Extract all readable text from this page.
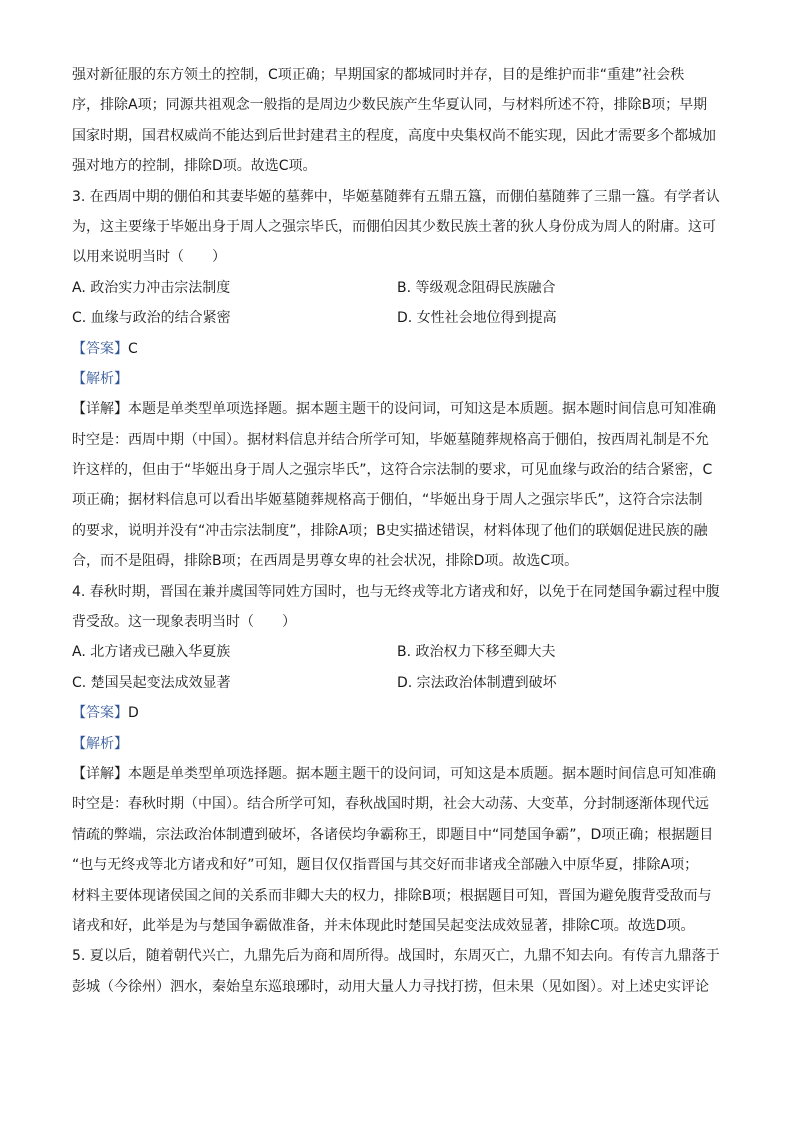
强对新征服的东方领土的控制，C项正确；早期国家的都城同时并存，目的是维护而非“重建”社会秩
序，排除A项；同源共祖观念一般指的是周边少数民族产生华夏认同，与材料所述不符，排除B项；早期
国家时期，国君权威尚不能达到后世封建君主的程度，高度中央集权尚不能实现，因此才需要多个都城加
强对地方的控制，排除D项。故选C项。
3. 在西周中期的倗伯和其妻毕姬的墓葬中，毕姬墓随葬有五鼎五簋，而倗伯墓随葬了三鼎一簋。有学者认
为，这主要缘于毕姬出身于周人之强宗毕氏，而倗伯因其少数民族土著的狄人身份成为周人的附庸。这可
以用来说明当时（　　）
A. 政治实力冲击宗法制度	B. 等级观念阻碍民族融合
C. 血缘与政治的结合紧密	D. 女性社会地位得到提高
【答案】C
【解析】
【详解】本题是单类型单项选择题。据本题主题干的设问词，可知这是本质题。据本题时间信息可知准确
时空是：西周中期（中国）。据材料信息并结合所学可知，毕姬墓随葬规格高于倗伯，按西周礼制是不允
许这样的，但由于“毕姬出身于周人之强宗毕氏”，这符合宗法制的要求，可见血缘与政治的结合紧密，C
项正确；据材料信息可以看出毕姬墓随葬规格高于倗伯，“毕姬出身于周人之强宗毕氏”，这符合宗法制
的要求，说明并没有“冲击宗法制度”，排除A项；B史实描述错误，材料体现了他们的联姻促进民族的融
合，而不是阻碍，排除B项；在西周是男尊女卑的社会状况，排除D项。故选C项。
4. 春秋时期，晋国在兼并虞国等同姓方国时，也与无终戎等北方诸戎和好，以免于在同楚国争霸过程中腹
背受敌。这一现象表明当时（　　）
A. 北方诸戎已融入华夏族	B. 政治权力下移至卿大夫
C. 楚国吴起变法成效显著	D. 宗法政治体制遭到破坏
【答案】D
【解析】
【详解】本题是单类型单项选择题。据本题主题干的设问词，可知这是本质题。据本题时间信息可知准确
时空是：春秋时期（中国）。结合所学可知，春秋战国时期，社会大动荡、大变革，分封制逐渐体现代远
情疏的弊端，宗法政治体制遭到破坏，各诸侯均争霸称王，即题目中“同楚国争霸”，D项正确；根据题目
“也与无终戎等北方诸戎和好”可知，题目仅仅指晋国与其交好而非诸戎全部融入中原华夏，排除A项；
材料主要体现诸侯国之间的关系而非卿大夫的权力，排除B项；根据题目可知，晋国为避免腹背受敌而与
诸戎和好，此举是为与楚国争霸做准备，并未体现此时楚国吴起变法成效显著，排除C项。故选D项。
5. 夏以后，随着朝代兴亡，九鼎先后为商和周所得。战国时，东周灭亡，九鼎不知去向。有传言九鼎落于
彭城（今徐州）泗水，秦始皇东巡琅琊时，动用大量人力寻找打捞，但未果（见如图）。对上述史实评论
